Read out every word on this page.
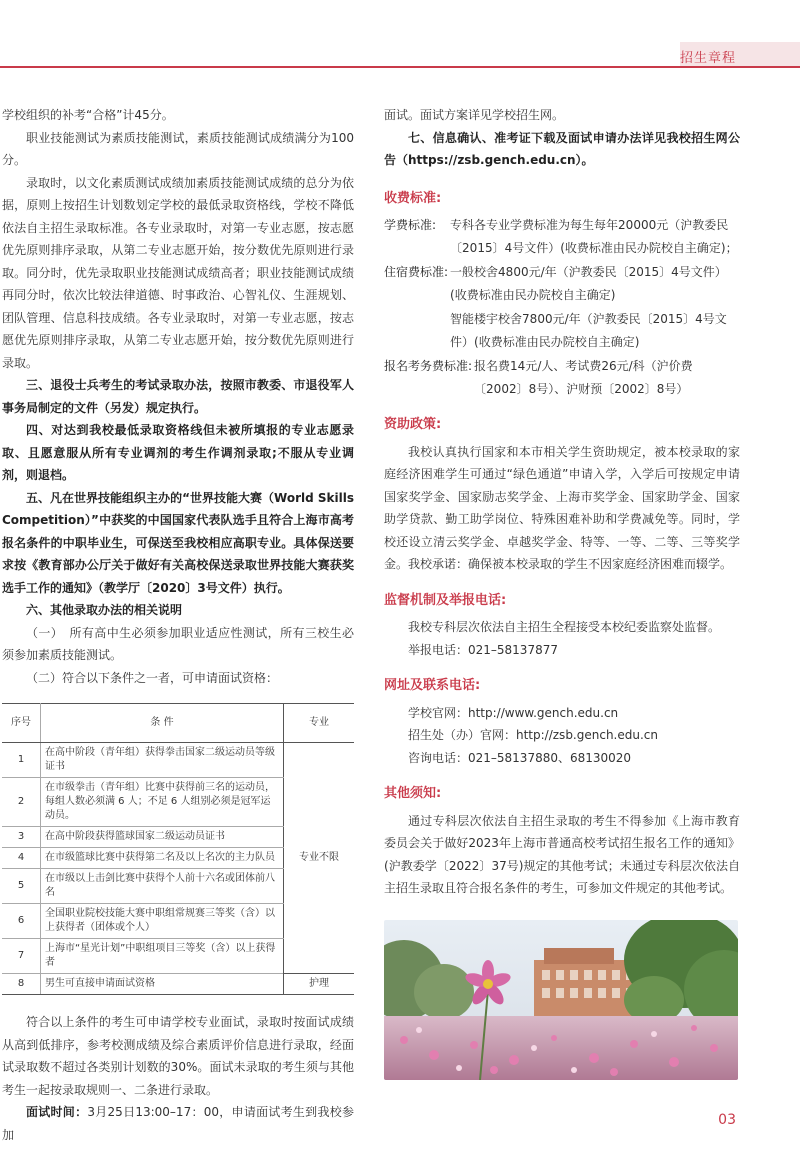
招生章程

学校组织的补考“合格”计45分。

职业技能测试为素质技能测试，素质技能测试成绩满分为100分。

录取时，以文化素质测试成绩加素质技能测试成绩的总分为依据，原则上按招生计划数划定学校的最低录取资格线，学校不降低依法自主招生录取标准。各专业录取时，对第一专业志愿，按志愿优先原则排序录取，从第二专业志愿开始，按分数优先原则进行录取。同分时，优先录取职业技能测试成绩高者；职业技能测试成绩再同分时，依次比较法律道德、时事政治、心智礼仪、生涯规划、团队管理、信息科技成绩。各专业录取时，对第一专业志愿，按志愿优先原则排序录取，从第二专业志愿开始，按分数优先原则进行录取。

三、退役士兵考生的考试录取办法，按照市教委、市退役军人事务局制定的文件（另发）规定执行。

四、对达到我校最低录取资格线但未被所填报的专业志愿录取、且愿意服从所有专业调剂的考生作调剂录取;不服从专业调剂，则退档。

五、凡在世界技能组织主办的“世界技能大赛（World Skills Competition）”中获奖的中国国家代表队选手且符合上海市高考报名条件的中职毕业生，可保送至我校相应高职专业。具体保送要求按《教育部办公厅关于做好有关高校保送录取世界技能大赛获奖选手工作的通知》（教学厅〔2020〕3号文件）执行。

六、其他录取办法的相关说明

（一）　所有高中生必须参加职业适应性测试，所有三校生必须参加素质技能测试。

（二）符合以下条件之一者，可申请面试资格：

序号	条 件	专业
1	在高中阶段（青年组）获得拳击国家二级运动员等级证书	专业不限
2	在市级拳击（青年组）比赛中获得前三名的运动员，每组人数必须满 6 人；不足 6 人组别必须是冠军运动员。	
3	在高中阶段获得篮球国家二级运动员证书	
4	在市级篮球比赛中获得第二名及以上名次的主力队员	
5	在市级以上击剑比赛中获得个人前十六名或团体前八名	
6	全国职业院校技能大赛中职组常规赛三等奖（含）以上获得者（团体或个人）	
7	上海市“星光计划”中职组项目三等奖（含）以上获得者	
8	男生可直接申请面试资格	护理

符合以上条件的考生可申请学校专业面试，录取时按面试成绩从高到低排序，参考校测成绩及综合素质评价信息进行录取，经面试录取数不超过各类别计划数的30%。面试未录取的考生须与其他考生一起按录取规则一、二条进行录取。

面试时间：3月25日13:00–17：00，申请面试考生到我校参加

面试。面试方案详见学校招生网。

七、信息确认、准考证下载及面试申请办法详见我校招生网公告（https://zsb.gench.edu.cn）。

收费标准:
学费标准:	专科各专业学费标准为每生每年20000元（沪教委民〔2015〕4号文件）(收费标准由民办院校自主确定)；
住宿费标准: 一般校舍4800元/年（沪教委民〔2015〕4号文件）(收费标准由民办院校自主确定)
智能楼宇校舍7800元/年（沪教委民〔2015〕4号文件）(收费标准由民办院校自主确定)
报名考务费标准: 报名费14元/人、考试费26元/科（沪价费〔2002〕8号）、沪财预〔2002〕8号）
资助政策:

我校认真执行国家和本市相关学生资助规定，被本校录取的家庭经济困难学生可通过“绿色通道”申请入学，入学后可按规定申请国家奖学金、国家励志奖学金、上海市奖学金、国家助学金、国家助学贷款、勤工助学岗位、特殊困难补助和学费减免等。同时，学校还设立清云奖学金、卓越奖学金、特等、一等、二等、三等奖学金。我校承诺：确保被本校录取的学生不因家庭经济困难而辍学。

监督机制及举报电话:

我校专科层次依法自主招生全程接受本校纪委监察处监督。

举报电话：021–58137877

网址及联系电话:

学校官网：http://www.gench.edu.cn

招生处（办）官网：http://zsb.gench.edu.cn

咨询电话：021–58137880、68130020

其他须知:

通过专科层次依法自主招生录取的考生不得参加《上海市教育委员会关于做好2023年上海市普通高校考试招生报名工作的通知》(沪教委学〔2022〕37号)规定的其他考试；未通过专科层次依法自主招生录取且符合报名条件的考生，可参加文件规定的其他考试。

03
